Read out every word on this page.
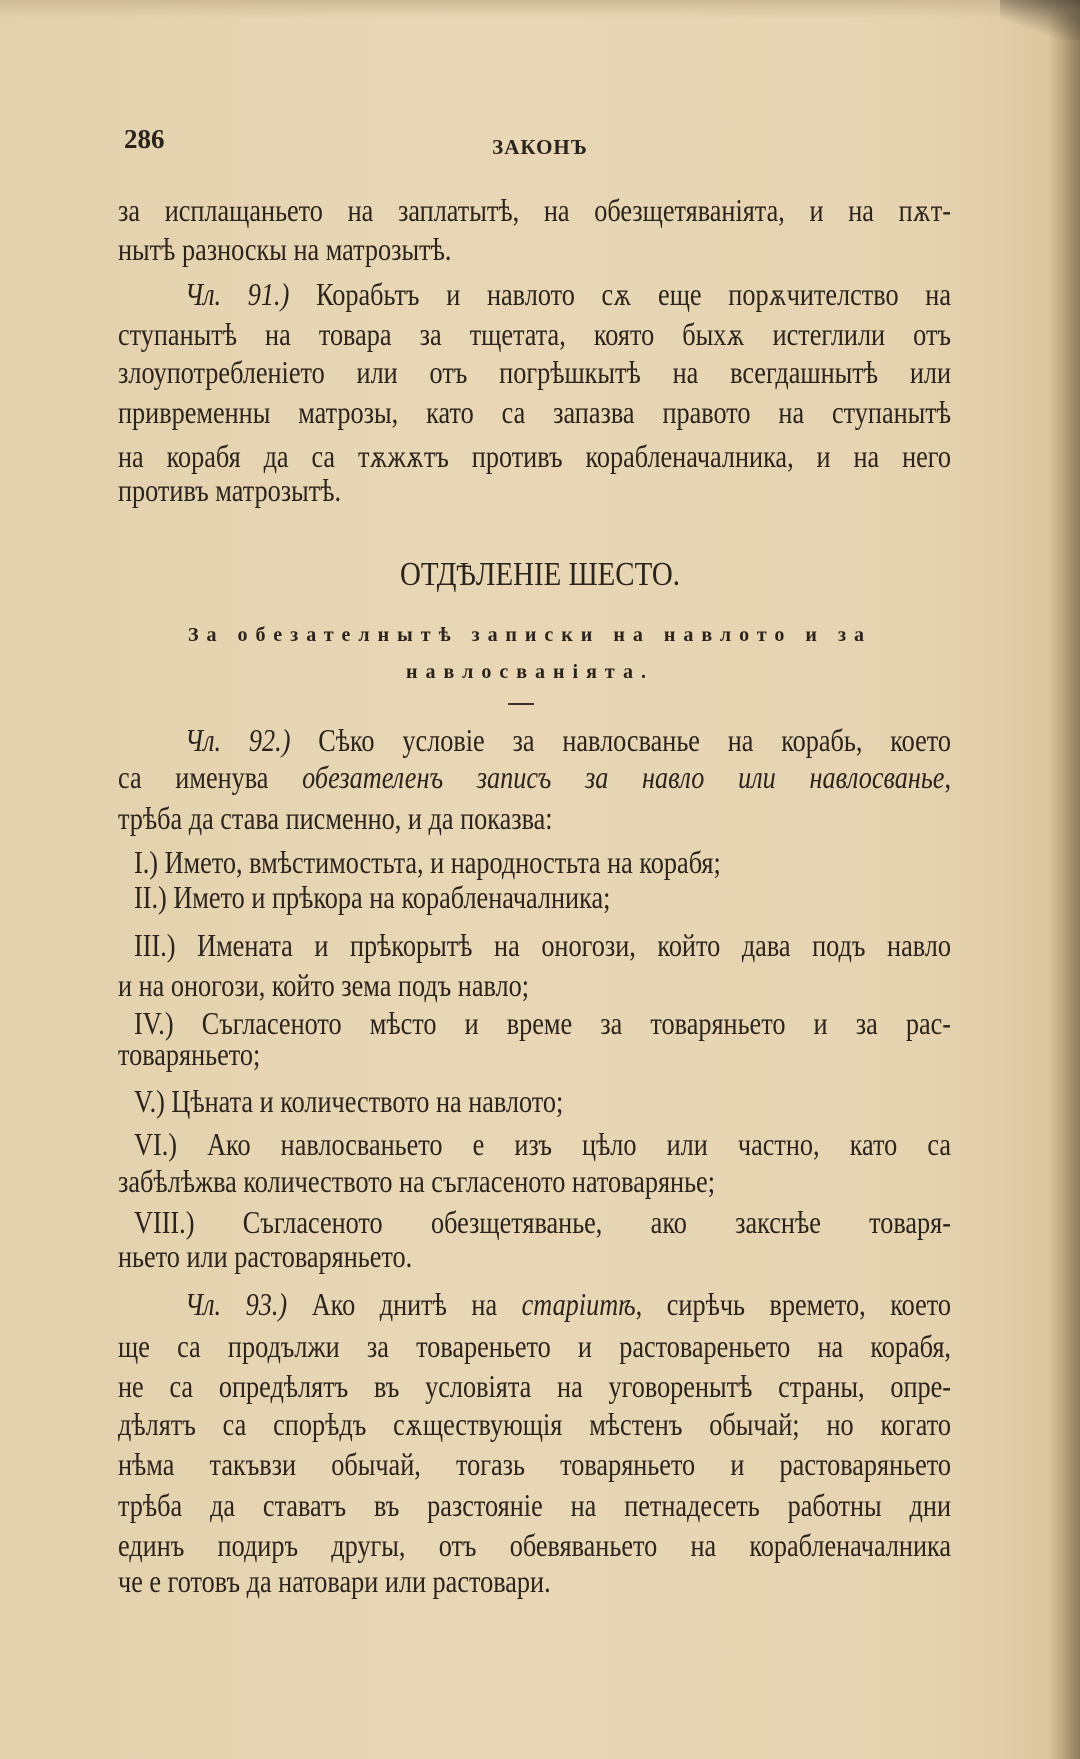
286	ЗАКОНЪ
ОТДѢЛЕНІЕ ШЕСТО.
За обезателнытѣ записки на навлото и за
навлосванiята.
за исплащаньето на заплатытѣ, на обезщетяванiята, и на пѫт-
нытѣ разноскы на матрозытѣ.
Чл. 91.) Корабьтъ и навлото сѫ еще порѫчителство на
ступанытѣ на товара за тщетата, която быхѫ истеглили отъ
злоупотребленiето или отъ погрѣшкытѣ на всегдашнытѣ или
привременны матрозы, като са запазва правото на ступанытѣ
на корабя да са тѫжѫтъ противъ корабленачалника, и на него
противъ матрозытѣ.
Чл. 92.) Сѣко условiе за навлосванье на корабь, което
са именува обезателенъ записъ за навло или навлосванье,
трѣба да става писменно, и да показва:
I.) Името, вмѣстимостьта, и народностьта на корабя;
II.) Името и прѣкора на корабленачалника;
III.) Имената и прѣкорытѣ на оногози, който дава подъ навло
и на оногози, който зема подъ навло;
IV.) Съгласеното мѣсто и време за товаряньето и за рас-
товаряньето;
V.) Цѣната и количеството на навлото;
VI.) Ако навлосваньето е изъ цѣло или частно, като са
забѣлѣжва количеството на съгласеното натоварянье;
VIII.) Съгласеното обезщетяванье, ако закснѣе товаря-
ньето или растоваряньето.
Чл. 93.) Ако днитѣ на старiитѣ, сирѣчь времето, което
ще са продължи за товареньето и растовареньето на корабя,
не са опредѣлятъ въ условiята на уговоренытѣ страны, опре-
дѣлятъ са спорѣдъ сѫществующiя мѣстенъ обычай; но когато
нѣма такъвзи обычай, тогазь товаряньето и растоваряньето
трѣба да ставатъ въ разстоянiе на петнадесеть работны дни
единъ подиръ другы, отъ обевяваньето на корабленачалника
че е готовъ да натовари или растовари.
